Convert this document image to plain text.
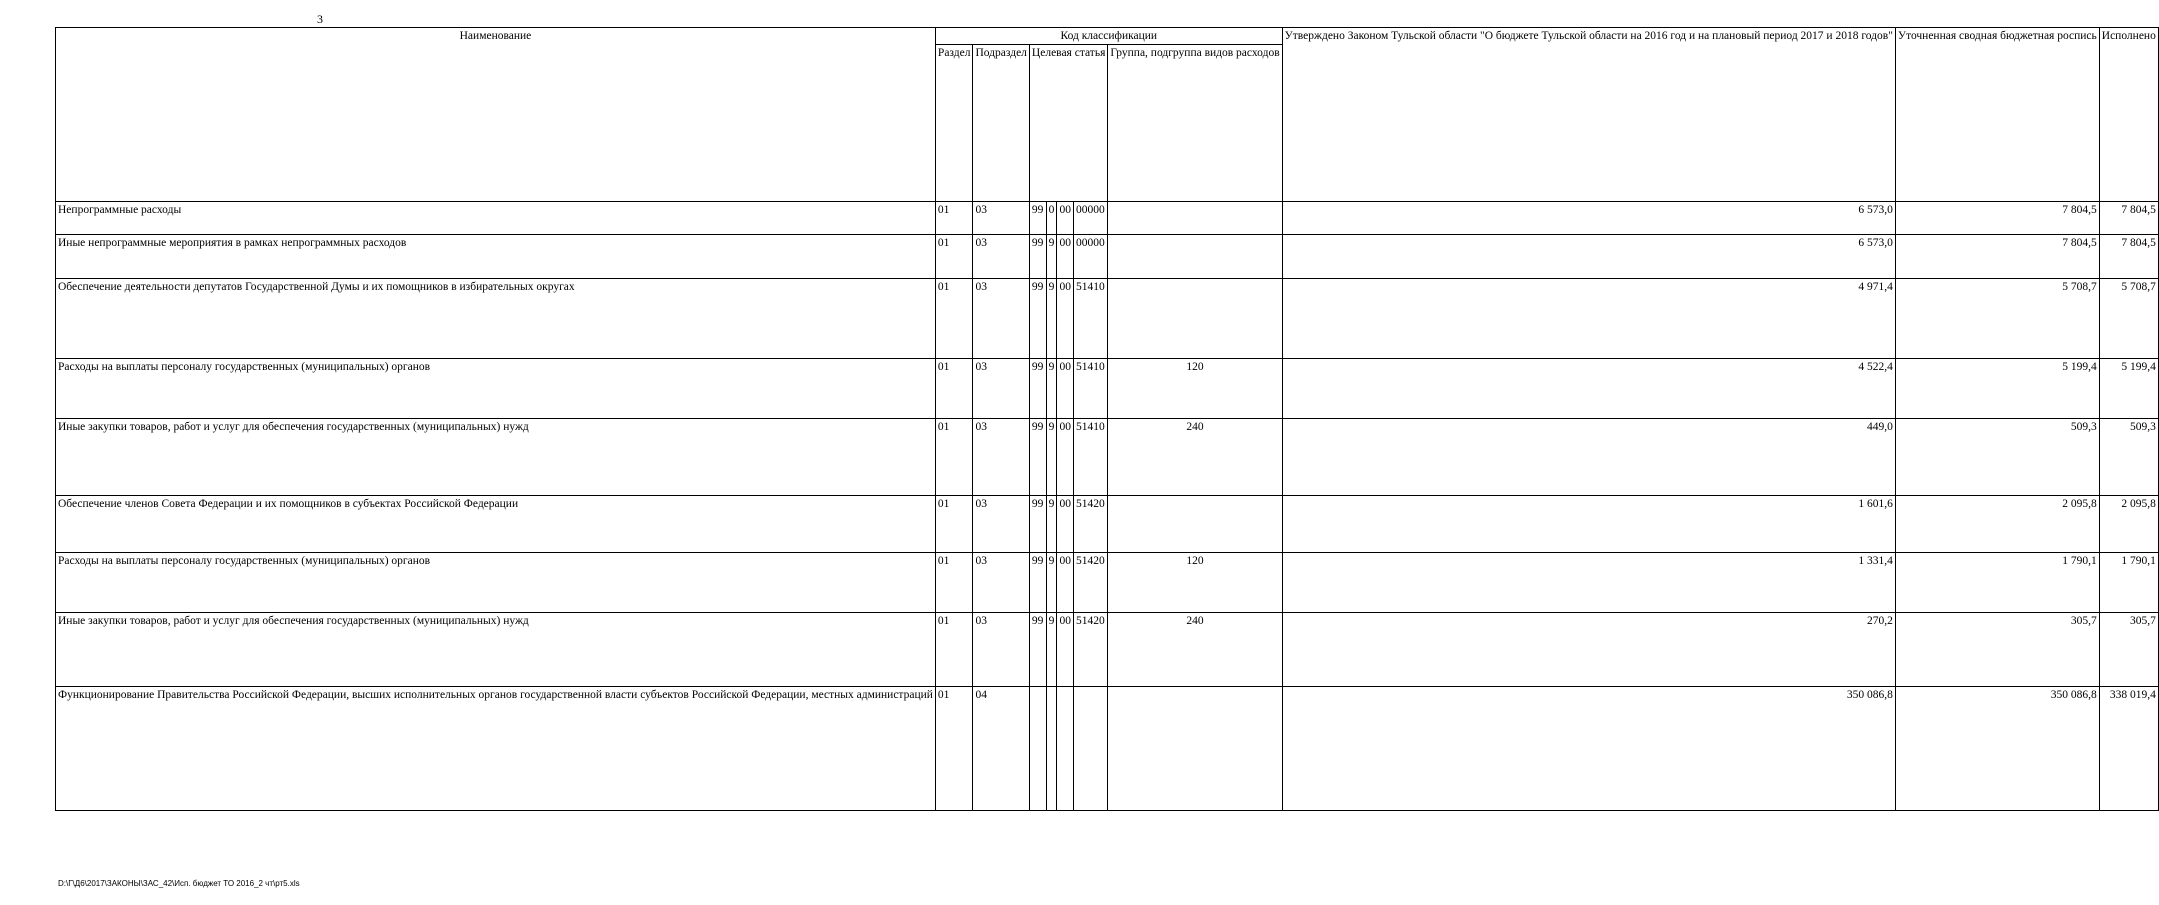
3
Наименование	Код классификации							Утверждено Законом Тульской области "О бюджете Тульской области на 2016 год и на плановый период 2017 и 2018 годов"	Уточненная сводная бюджетная роспись	Исполнено
	Раздел	Подраздел	Целевая статья				Группа, подгруппа видов расходов			
Непрограммные расходы	01	03	99	0	00	00000		6 573,0	7 804,5	7 804,5
Иные непрограммные мероприятия в рамках непрограммных расходов	01	03	99	9	00	00000		6 573,0	7 804,5	7 804,5
Обеспечение деятельности депутатов Государственной Думы и их помощников в избирательных округах	01	03	99	9	00	51410		4 971,4	5 708,7	5 708,7
Расходы на выплаты персоналу государственных (муниципальных) органов	01	03	99	9	00	51410	120	4 522,4	5 199,4	5 199,4
Иные закупки товаров, работ и услуг для обеспечения государственных (муниципальных) нужд	01	03	99	9	00	51410	240	449,0	509,3	509,3
Обеспечение членов Совета Федерации и их помощников в субъектах Российской Федерации	01	03	99	9	00	51420		1 601,6	2 095,8	2 095,8
Расходы на выплаты персоналу государственных (муниципальных) органов	01	03	99	9	00	51420	120	1 331,4	1 790,1	1 790,1
Иные закупки товаров, работ и услуг для обеспечения государственных (муниципальных) нужд	01	03	99	9	00	51420	240	270,2	305,7	305,7
Функционирование Правительства Российской Федерации, высших исполнительных органов государственной власти субъектов Российской Федерации, местных администраций	01	04						350 086,8	350 086,8	338 019,4
D:\Г\Д6\2017\ЗАКОНЫ\ЗАС_42\Исп. бюджет ТО 2016_2 чт\рт5.xls
